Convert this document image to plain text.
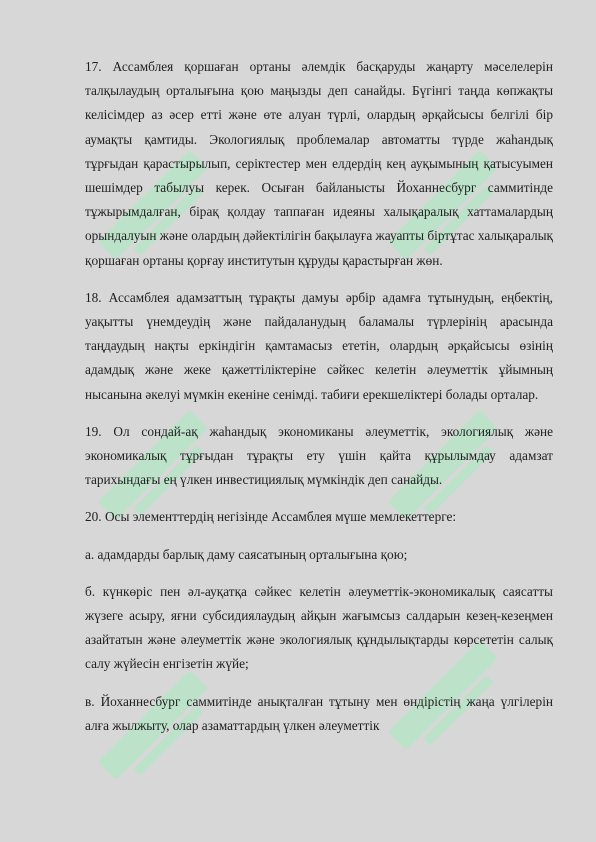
17. Ассамблея қоршаған ортаны әлемдік басқаруды жаңарту мәселелерін талқылаудың орталығына қою маңызды деп санайды. Бүгінгі таңда көпжақты келісімдер аз әсер етті және өте алуан түрлі, олардың әрқайсысы белгілі бір аумақты қамтиды. Экологиялық проблемалар автоматты түрде жаһандық тұрғыдан қарастырылып, серіктестер мен елдердің кең ауқымының қатысуымен шешімдер табылуы керек. Осыған байланысты Йоханнесбург саммитінде тұжырымдалған, бірақ қолдау таппаған идеяны халықаралық хаттамалардың орындалуын және олардың дәйектілігін бақылауға жауапты біртұтас халықаралық қоршаған ортаны қорғау институтын құруды қарастырған жөн.

18. Ассамблея адамзаттың тұрақты дамуы әрбір адамға тұтынудың, еңбектің, уақытты үнемдеудің және пайдаланудың баламалы түрлерінің арасында таңдаудың нақты еркіндігін қамтамасыз ететін, олардың әрқайсысы өзінің адамдық және жеке қажеттіліктеріне сәйкес келетін әлеуметтік ұйымның нысанына әкелуі мүмкін екеніне сенімді. табиғи ерекшеліктері болады орталар.

19. Ол сондай-ақ жаһандық экономиканы әлеуметтік, экологиялық және экономикалық тұрғыдан тұрақты ету үшін қайта құрылымдау адамзат тарихындағы ең үлкен инвестициялық мүмкіндік деп санайды.

20. Осы элементтердің негізінде Ассамблея мүше мемлекеттерге:

а. адамдарды барлық даму саясатының орталығына қою;

б. күнкөріс пен әл-ауқатқа сәйкес келетін әлеуметтік-экономикалық саясатты жүзеге асыру, яғни субсидиялаудың айқын жағымсыз салдарын кезең-кезеңмен азайтатын және әлеуметтік және экологиялық құндылықтарды көрсететін салық салу жүйесін енгізетін жүйе;

в. Йоханнесбург саммитінде анықталған тұтыну мен өндірістің жаңа үлгілерін алға жылжыту, олар азаматтардың үлкен әлеуметтік
